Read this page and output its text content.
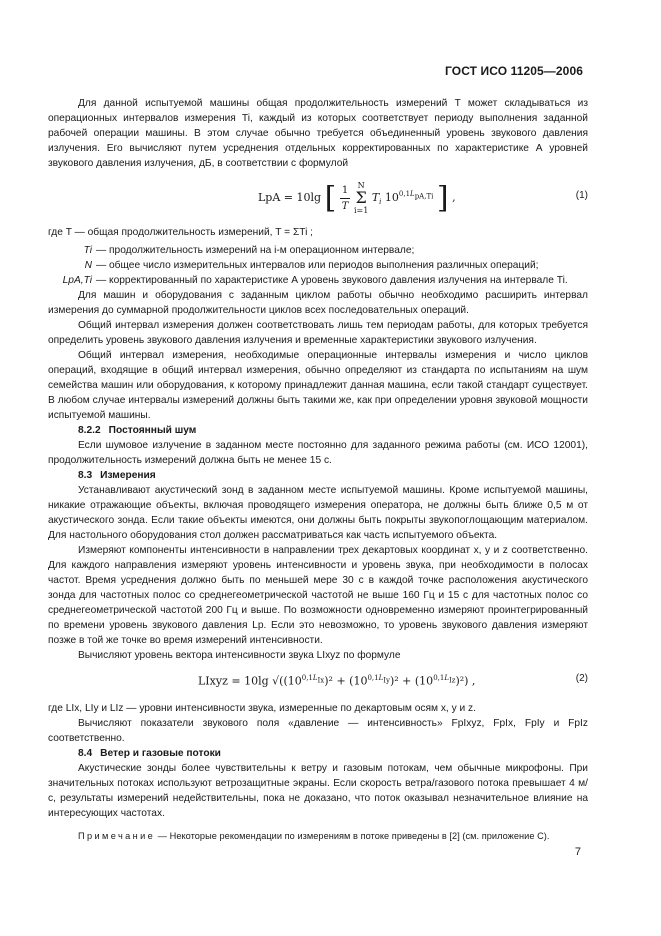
ГОСТ ИСО 11205—2006

Для данной испытуемой машины общая продолжительность измерений T может складываться из операционных интервалов измерения Ti, каждый из которых соответствует периоду выполнения заданной рабочей операции машины. В этом случае обычно требуется объединенный уровень звукового давления излучения. Его вычисляют путем усреднения отдельных корректированных по характеристике А уровней звукового давления излучения, дБ, в соответствии с формулой

LpA = 10lg [ $\frac{1}{T}$ N
Σ
i=1 $T_i$ $10^{0,1L_{pA,Ti}}$ ] ,	(1)

где T — общая продолжительность измерений, T = ΣTi ;

Ti — продолжительность измерений на i-м операционном интервале;
N — общее число измерительных интервалов или периодов выполнения различных операций;
LpA,Ti — корректированный по характеристике А уровень звукового давления излучения на интервале Ti.

Для машин и оборудования с заданным циклом работы обычно необходимо расширить интервал измерения до суммарной продолжительности циклов всех последовательных операций.

Общий интервал измерения должен соответствовать лишь тем периодам работы, для которых требуется определить уровень звукового давления излучения и временные характеристики звукового излучения.

Общий интервал измерения, необходимые операционные интервалы измерения и число циклов операций, входящие в общий интервал измерения, обычно определяют из стандарта по испытаниям на шум семейства машин или оборудования, к которому принадлежит данная машина, если такой стандарт существует. В любом случае интервалы измерений должны быть такими же, как при определении уровня звуковой мощности испытуемой машины.

8.2.2 Постоянный шум

Если шумовое излучение в заданном месте постоянно для заданного режима работы (см. ИСО 12001), продолжительность измерений должна быть не менее 15 с.

8.3 Измерения

Устанавливают акустический зонд в заданном месте испытуемой машины. Кроме испытуемой машины, никакие отражающие объекты, включая проводящего измерения оператора, не должны быть ближе 0,5 м от акустического зонда. Если такие объекты имеются, они должны быть покрыты звукопоглощающим материалом. Для настольного оборудования стол должен рассматриваться как часть испытуемого объекта.

Измеряют компоненты интенсивности в направлении трех декартовых координат x, y и z соответственно. Для каждого направления измеряют уровень интенсивности и уровень звука, при необходимости в полосах частот. Время усреднения должно быть по меньшей мере 30 с в каждой точке расположения акустического зонда для частотных полос со среднегеометрической частотой не выше 160 Гц и 15 с для частотных полос со среднегеометрической частотой 200 Гц и выше. По возможности одновременно измеряют проинтегрированный по времени уровень звукового давления Lp. Если это невозможно, то уровень звукового давления измеряют позже в той же точке во время измерений интенсивности.

Вычисляют уровень вектора интенсивности звука LIxyz по формуле

LIxyz = 10lg $√((10^{0,1L_{Ix}})^2 + (10^{0,1L_{Iy}})^2 + (10^{0,1L_{Iz}})^2)$ ,	(2)

где LIx, LIy и LIz — уровни интенсивности звука, измеренные по декартовым осям x, y и z.

Вычисляют показатели звукового поля «давление — интенсивность» FpIxyz, FpIx, FpIy и FpIz соответственно.

8.4 Ветер и газовые потоки

Акустические зонды более чувствительны к ветру и газовым потокам, чем обычные микрофоны. При значительных потоках используют ветрозащитные экраны. Если скорость ветра/газового потока превышает 4 м/с, результаты измерений недействительны, пока не доказано, что поток оказывал незначительное влияние на интересующих частотах.

Примечание — Некоторые рекомендации по измерениям в потоке приведены в [2] (см. приложение С).

7
